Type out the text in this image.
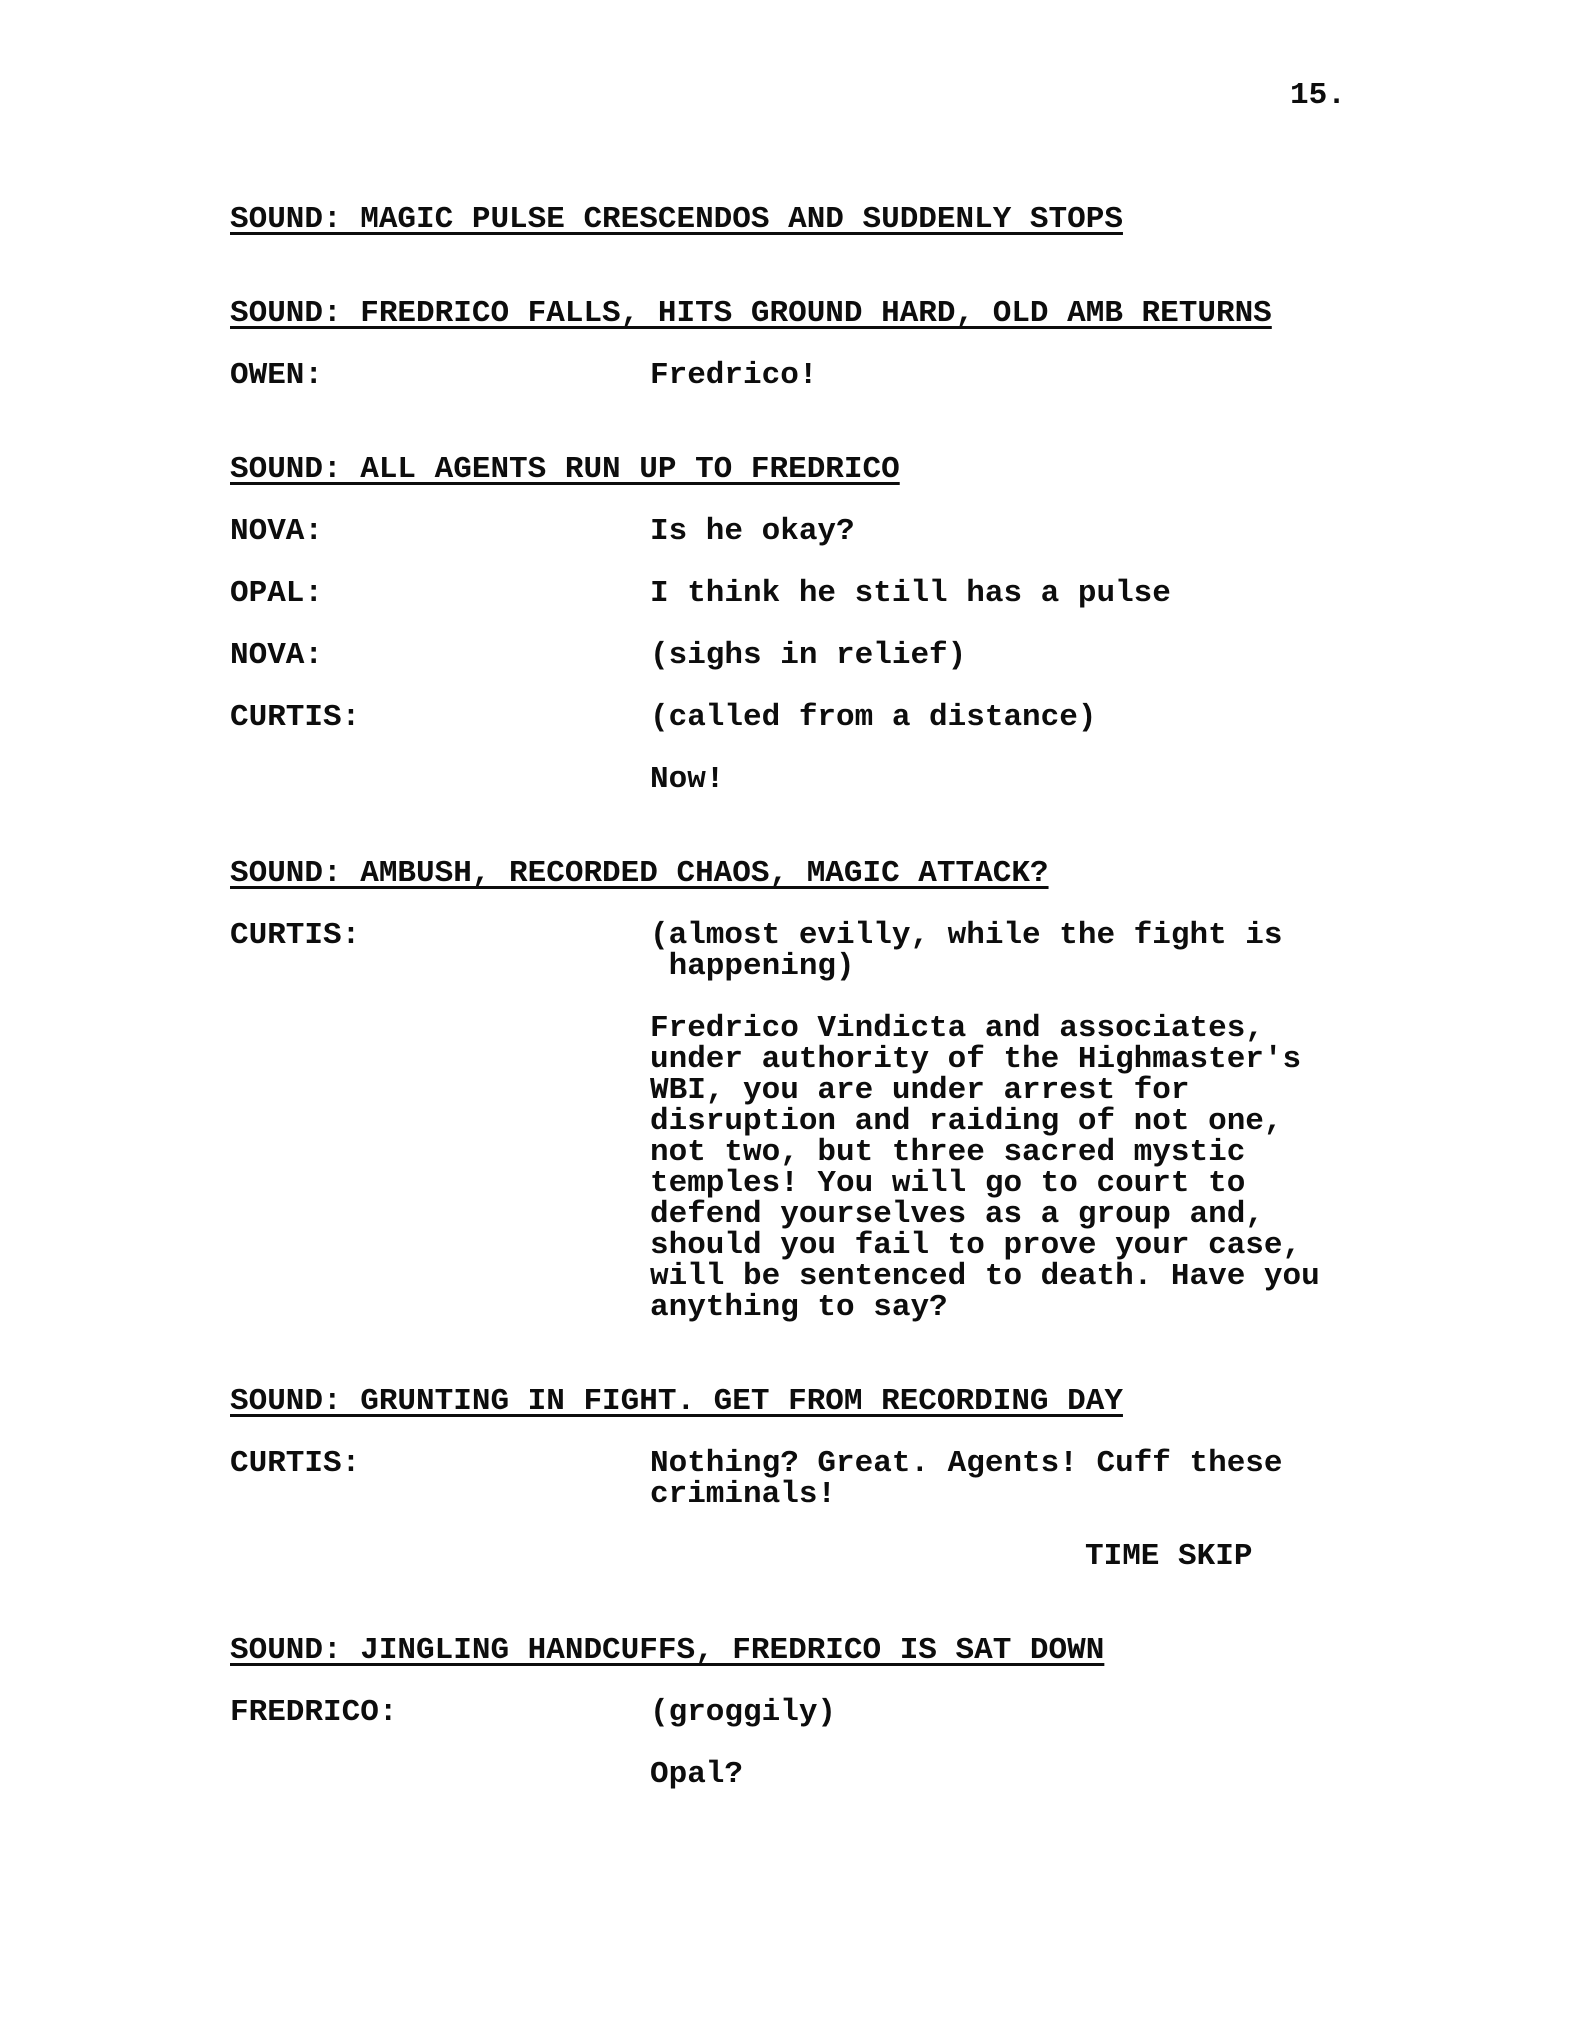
15.
SOUND: MAGIC PULSE CRESCENDOS AND SUDDENLY STOPS
SOUND: FREDRICO FALLS, HITS GROUND HARD, OLD AMB RETURNS
OWEN:	Fredrico!
SOUND: ALL AGENTS RUN UP TO FREDRICO
NOVA:	Is he okay?
OPAL:	I think he still has a pulse
NOVA:	(sighs in relief)
CURTIS:	(called from a distance)
Now!
SOUND: AMBUSH, RECORDED CHAOS, MAGIC ATTACK?
CURTIS:	(almost evilly, while the fight is
happening)
Fredrico Vindicta and associates,
under authority of the Highmaster's
WBI, you are under arrest for
disruption and raiding of not one,
not two, but three sacred mystic
temples! You will go to court to
defend yourselves as a group and,
should you fail to prove your case,
will be sentenced to death. Have you
anything to say?
SOUND: GRUNTING IN FIGHT. GET FROM RECORDING DAY
CURTIS:	Nothing? Great. Agents! Cuff these
criminals!
TIME SKIP
SOUND: JINGLING HANDCUFFS, FREDRICO IS SAT DOWN
FREDRICO:	(groggily)
Opal?
